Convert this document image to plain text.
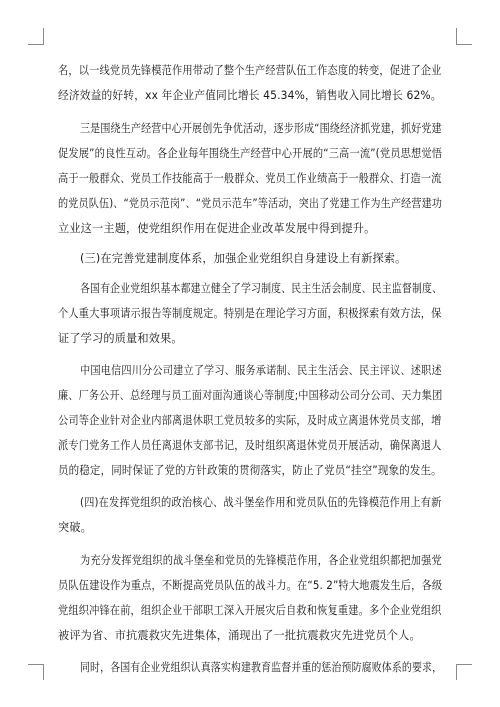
名，以一线党员先锋模范作用带动了整个生产经营队伍工作态度的转变，促进了企业
经济效益的好转，xx 年企业产值同比增长 45.34%，销售收入同比增长 62%。
三是围绕生产经营中心开展创先争优活动，逐步形成“围绕经济抓党建，抓好党建
促发展”的良性互动。各企业每年围绕生产经营中心开展的“三高一流”(党员思想觉悟
高于一般群众、党员工作技能高于一般群众、党员工作业绩高于一般群众、打造一流
的党员队伍)、“党员示范岗”、“党员示范车”等活动，突出了党建工作为生产经营建功
立业这一主题，使党组织作用在促进企业改革发展中得到提升。
(三)在完善党建制度体系，加强企业党组织自身建设上有新探索。
各国有企业党组织基本都建立健全了学习制度、民主生活会制度、民主监督制度、
个人重大事项请示报告等制度规定。特别是在理论学习方面，积极探索有效方法，保
证了学习的质量和效果。
中国电信四川分公司建立了学习、服务承诺制、民主生活会、民主评议、述职述
廉、厂务公开、总经理与员工面对面沟通谈心等制度;中国移动公司分公司、天力集团
公司等企业针对企业内部离退休职工党员较多的实际，及时成立离退休党员支部，增
派专门党务工作人员任离退休支部书记，及时组织离退休党员开展活动，确保离退人
员的稳定，同时保证了党的方针政策的贯彻落实，防止了党员“挂空”现象的发生。
(四)在发挥党组织的政治核心、战斗堡垒作用和党员队伍的先锋模范作用上有新
突破。
为充分发挥党组织的战斗堡垒和党员的先锋模范作用，各企业党组织都把加强党
员队伍建设作为重点，不断提高党员队伍的战斗力。在“5. 2”特大地震发生后，各级
党组织冲锋在前，组织企业干部职工深入开展灾后自救和恢复重建。多个企业党组织
被评为省、市抗震救灾先进集体，涌现出了一批抗震救灾先进党员个人。
同时，各国有企业党组织认真落实构建教育监督并重的惩治预防腐败体系的要求，
